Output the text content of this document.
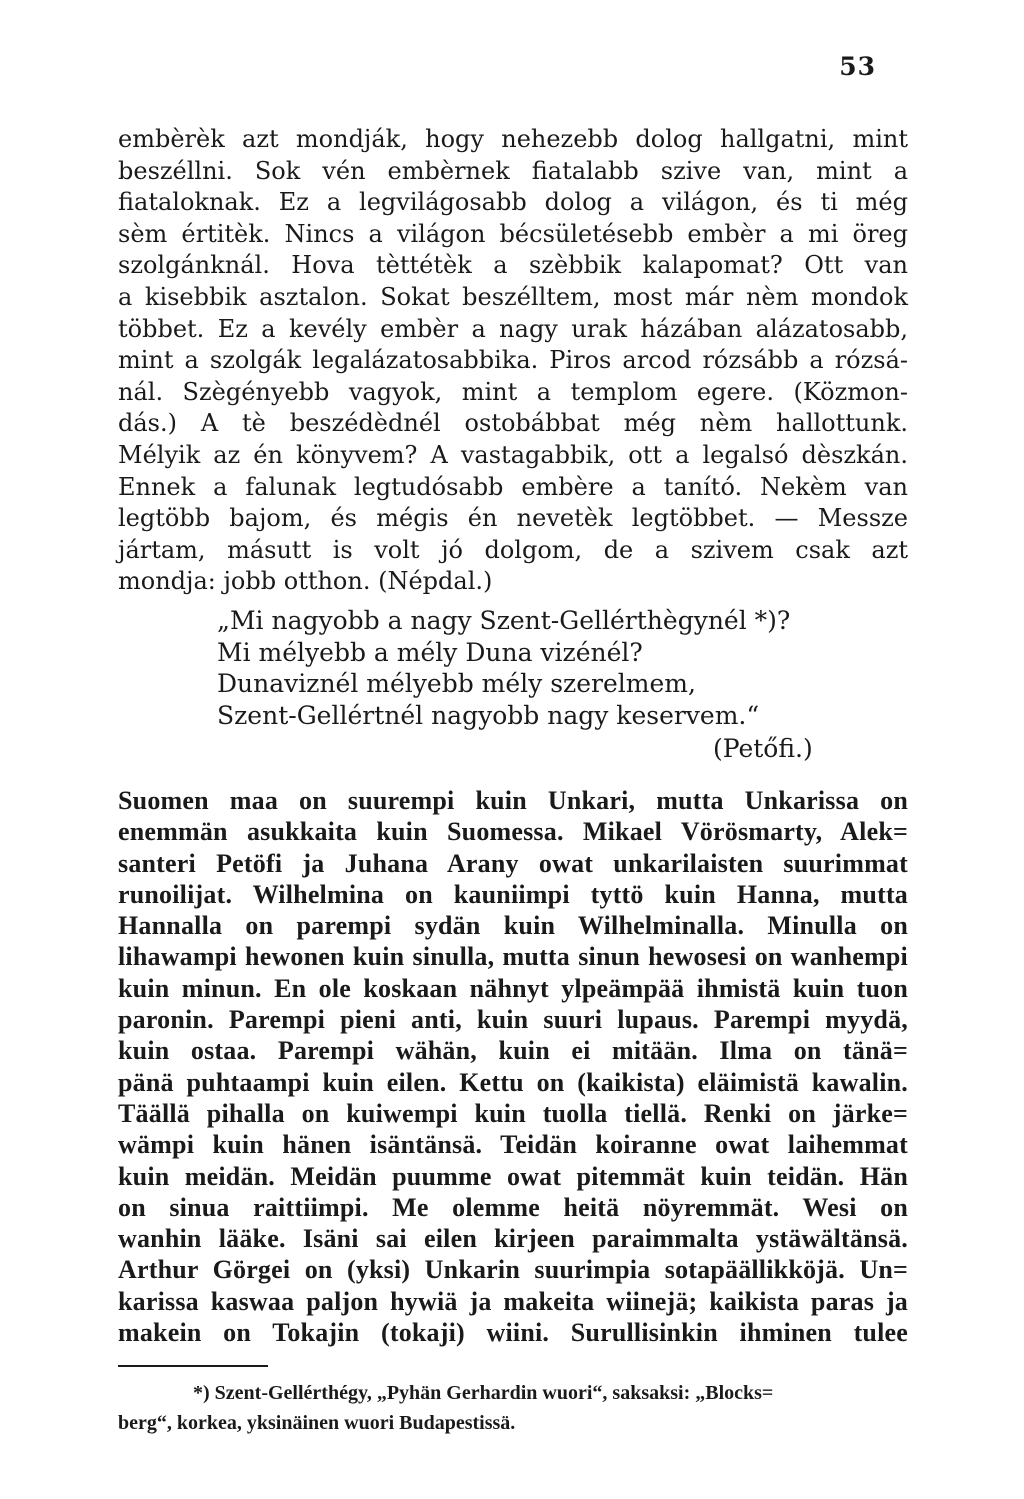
53
embèrèk azt mondják, hogy nehezebb dolog hallgatni, mint
beszéllni. Sok vén embèrnek fiatalabb szive van, mint a
fiataloknak. Ez a legvilágosabb dolog a világon, és ti még
sèm értitèk. Nincs a világon bécsületésebb embèr a mi öreg
szolgánknál. Hova tèttétèk a szèbbik kalapomat? Ott van
a kisebbik asztalon. Sokat beszélltem, most már nèm mondok
többet. Ez a kevély embèr a nagy urak házában alázatosabb,
mint a szolgák legalázatosabbika. Piros arcod rózsább a rózsá-
nál. Szègényebb vagyok, mint a templom egere. (Közmon-
dás.) A tè beszédèdnél ostobábbat még nèm hallottunk.
Mélyik az én könyvem? A vastagabbik, ott a legalsó dèszkán.
Ennek a falunak legtudósabb embère a tanító. Nekèm van
legtöbb bajom, és mégis én nevetèk legtöbbet. — Messze
jártam, másutt is volt jó dolgom, de a szivem csak azt
mondja: jobb otthon. (Népdal.)
„Mi nagyobb a nagy Szent-Gellérthègynél *)?
Mi mélyebb a mély Duna vizénél?
Dunaviznél mélyebb mély szerelmem,
Szent-Gellértnél nagyobb nagy keservem.“
(Petőfi.)
Suomen maa on suurempi kuin Unkari, mutta Unkarissa on
enemmän asukkaita kuin Suomessa. Mikael Vörösmarty, Alek=
santeri Petöfi ja Juhana Arany owat unkarilaisten suurimmat
runoilijat. Wilhelmina on kauniimpi tyttö kuin Hanna, mutta
Hannalla on parempi sydän kuin Wilhelminalla. Minulla on
lihawampi hewonen kuin sinulla, mutta sinun hewosesi on wanhempi
kuin minun. En ole koskaan nähnyt ylpeämpää ihmistä kuin tuon
paronin. Parempi pieni anti, kuin suuri lupaus. Parempi myydä,
kuin ostaa. Parempi wähän, kuin ei mitään. Ilma on tänä=
pänä puhtaampi kuin eilen. Kettu on (kaikista) eläimistä kawalin.
Täällä pihalla on kuiwempi kuin tuolla tiellä. Renki on järke=
wämpi kuin hänen isäntänsä. Teidän koiranne owat laihemmat
kuin meidän. Meidän puumme owat pitemmät kuin teidän. Hän
on sinua raittiimpi. Me olemme heitä nöyremmät. Wesi on
wanhin lääke. Isäni sai eilen kirjeen paraimmalta ystäwältänsä.
Arthur Görgei on (yksi) Unkarin suurimpia sotapäällikköjä. Un=
karissa kaswaa paljon hywiä ja makeita wiinejä; kaikista paras ja
makein on Tokajin (tokaji) wiini. Surullisinkin ihminen tulee
*) Szent-Gellérthégy, „Pyhän Gerhardin wuori“, saksaksi: „Blocks=
berg“, korkea, yksinäinen wuori Budapestissä.
